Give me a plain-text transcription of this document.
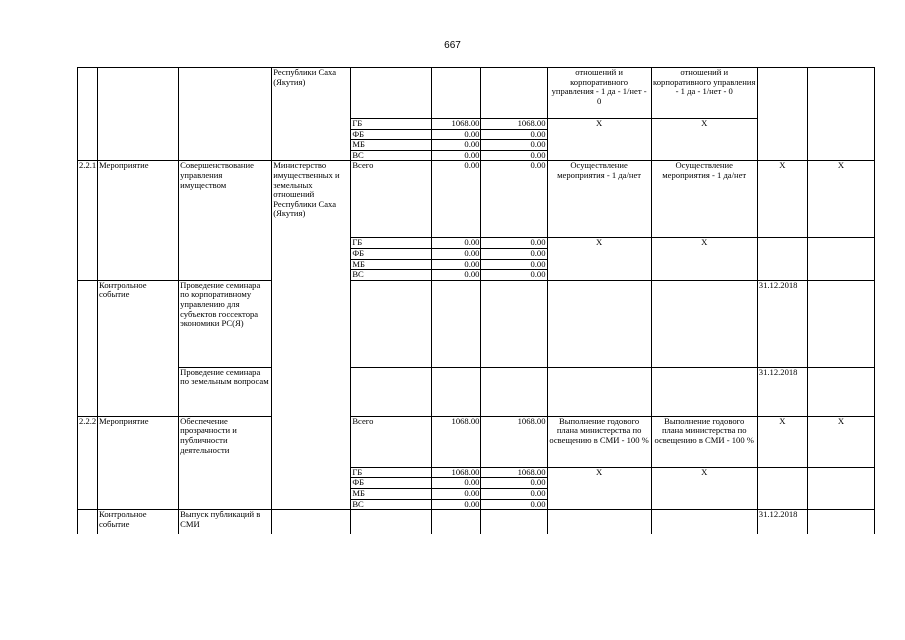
667
			Республики Саха (Якутия)				отношений и корпоративного управления - 1 да - 1/нет - 0	отношений и корпоративного управления - 1 да - 1/нет - 0		
				ГБ	1068.00	1068.00	X	X		
				ФБ	0.00	0.00				
				МБ	0.00	0.00				
				ВС	0.00	0.00				
2.2.1	Мероприятие	Совершенствование управления имуществом	Министерство имущественных и земельных отношений Республики Саха (Якутия)	Всего	0.00	0.00	Осуществление мероприятия - 1 да/нет	Осуществление мероприятия - 1 да/нет	X	X
				ГБ	0.00	0.00	X	X		
				ФБ	0.00	0.00				
				МБ	0.00	0.00				
				ВС	0.00	0.00				
	Контрольное событие	Проведение семинара по корпоративному управлению для субъектов госсектора экономики РС(Я)							31.12.2018	
		Проведение семинара по земельным вопросам							31.12.2018	
2.2.2	Мероприятие	Обеспечение прозрачности и публичности деятельности		Всего	1068.00	1068.00	Выполнение годового плана министерства по освещению в СМИ - 100 %	Выполнение годового плана министерства по освещению в СМИ - 100 %	X	X
				ГБ	1068.00	1068.00	X	X		
				ФБ	0.00	0.00				
				МБ	0.00	0.00				
				ВС	0.00	0.00				
	Контрольное событие	Выпуск публикаций в СМИ							31.12.2018	
